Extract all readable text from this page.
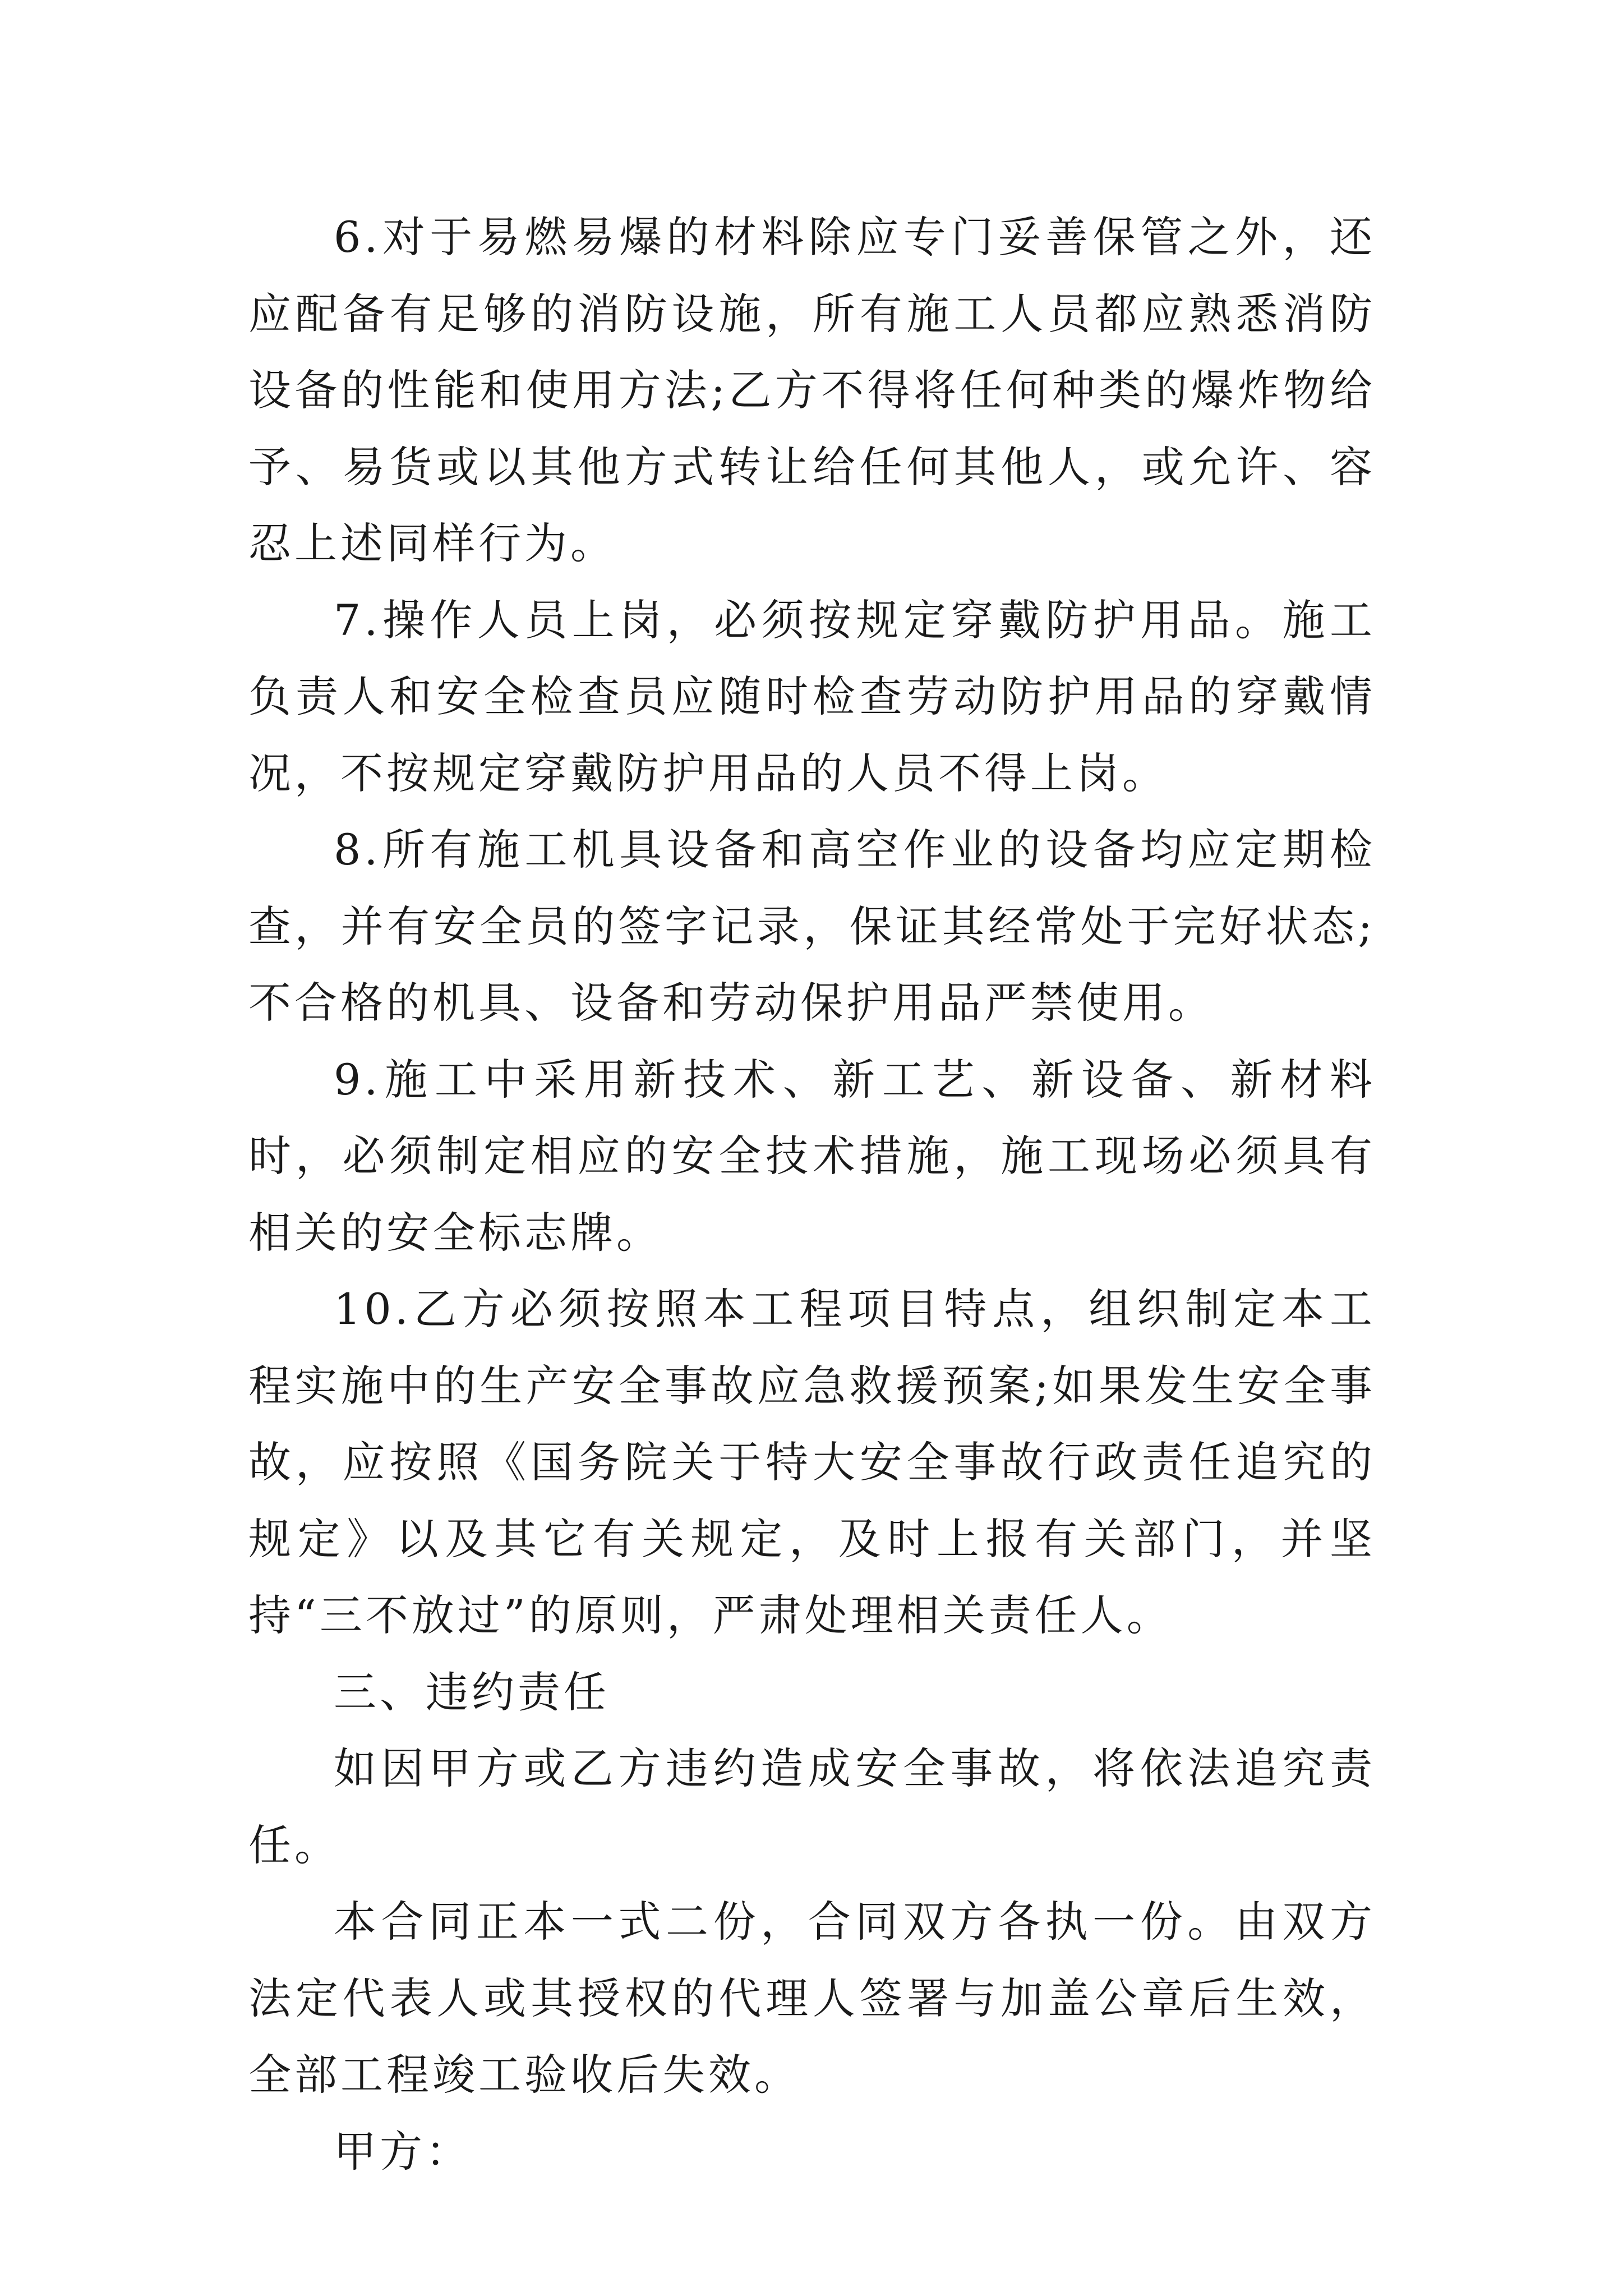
6.对于易燃易爆的材料除应专门妥善保管之外，还应配备有足够的消防设施，所有施工人员都应熟悉消防设备的性能和使用方法;乙方不得将任何种类的爆炸物给予、易货或以其他方式转让给任何其他人，或允许、容忍上述同样行为。

7.操作人员上岗，必须按规定穿戴防护用品。施工负责人和安全检查员应随时检查劳动防护用品的穿戴情况，不按规定穿戴防护用品的人员不得上岗。

8.所有施工机具设备和高空作业的设备均应定期检查，并有安全员的签字记录，保证其经常处于完好状态;不合格的机具、设备和劳动保护用品严禁使用。

9.施工中采用新技术、新工艺、新设备、新材料时，必须制定相应的安全技术措施，施工现场必须具有相关的安全标志牌。

10.乙方必须按照本工程项目特点，组织制定本工程实施中的生产安全事故应急救援预案;如果发生安全事故，应按照《国务院关于特大安全事故行政责任追究的规定》以及其它有关规定，及时上报有关部门，并坚持“三不放过”的原则，严肃处理相关责任人。

三、违约责任

如因甲方或乙方违约造成安全事故，将依法追究责任。

本合同正本一式二份，合同双方各执一份。由双方法定代表人或其授权的代理人签署与加盖公章后生效，全部工程竣工验收后失效。

甲方：
